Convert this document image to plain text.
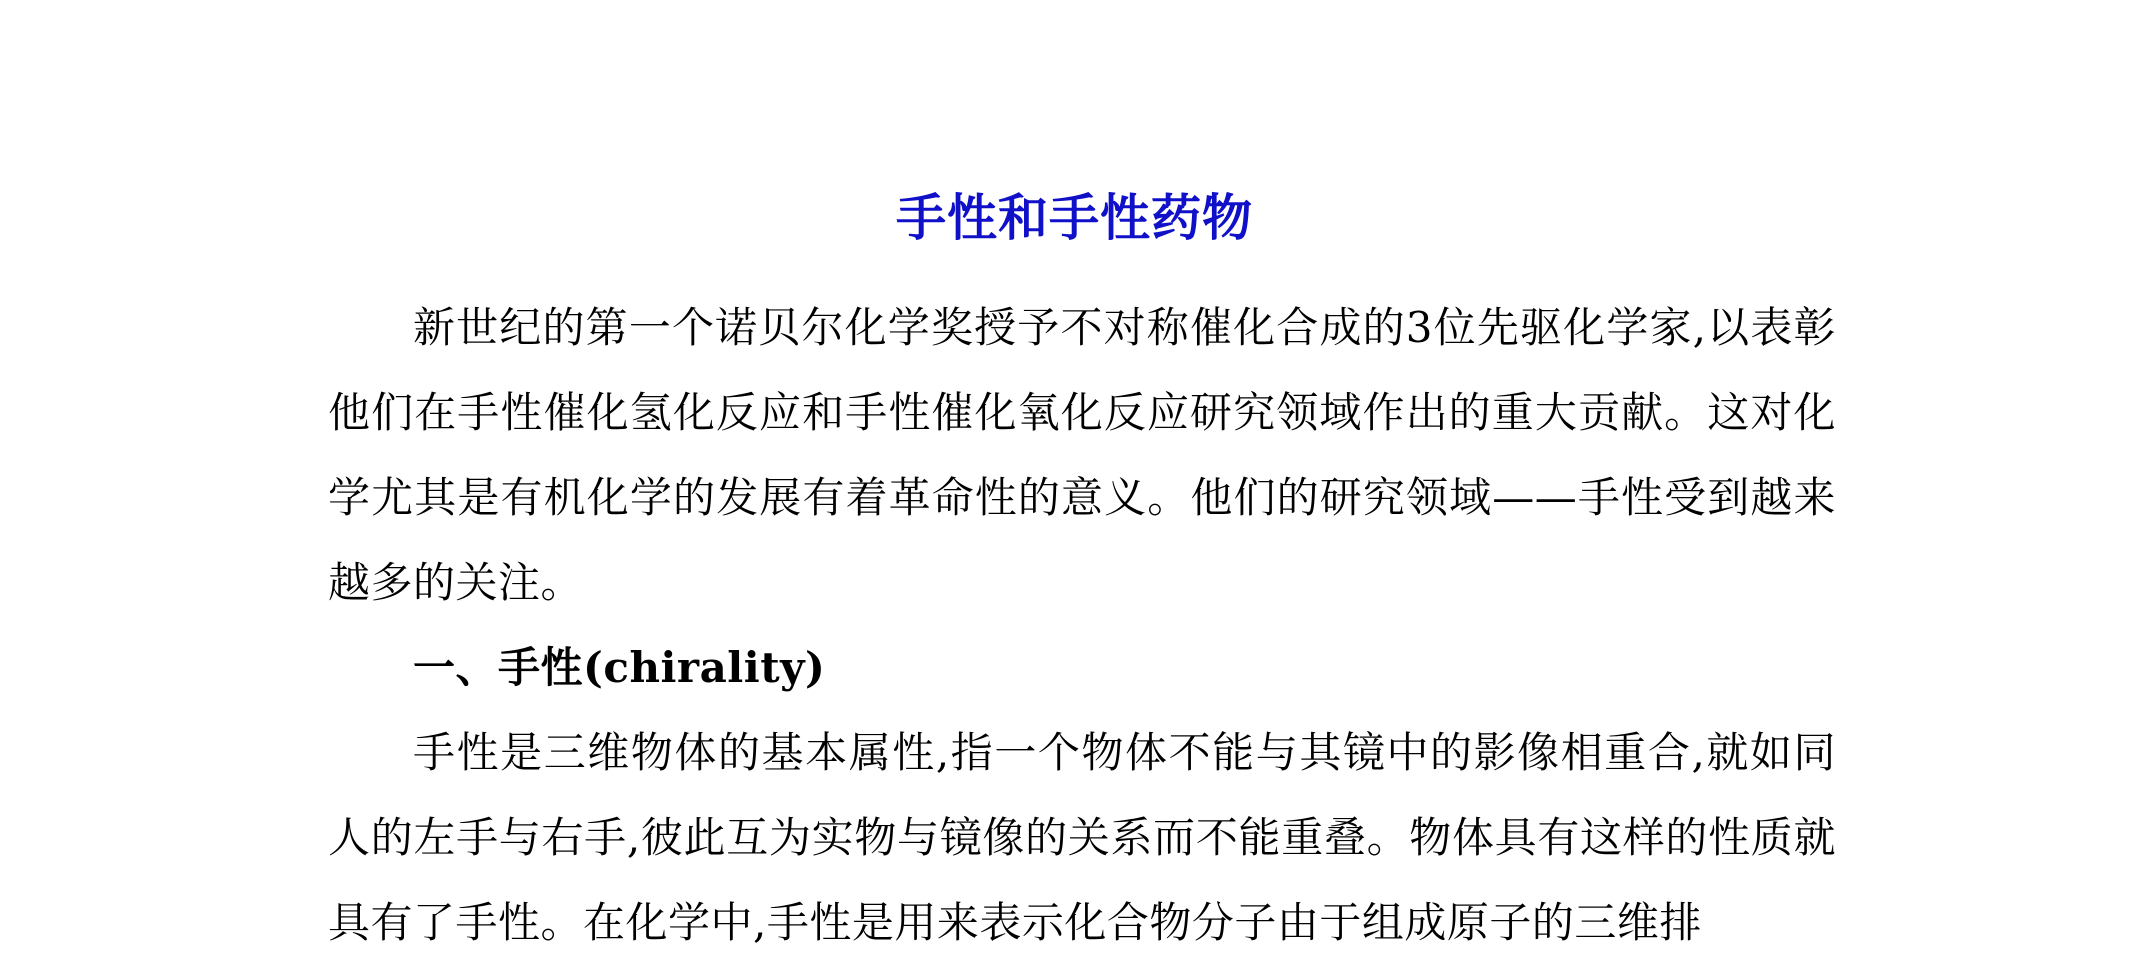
手性和手性药物

新世纪的第一个诺贝尔化学奖授予不对称催化合成的3位先驱化学家,以表彰他们在手性催化氢化反应和手性催化氧化反应研究领域作出的重大贡献。这对化学尤其是有机化学的发展有着革命性的意义。他们的研究领域——手性受到越来越多的关注。

一、手性(chirality)

手性是三维物体的基本属性,指一个物体不能与其镜中的影像相重合,就如同人的左手与右手,彼此互为实物与镜像的关系而不能重叠。物体具有这样的性质就具有了手性。在化学中,手性是用来表示化合物分子由于组成原子的三维排
